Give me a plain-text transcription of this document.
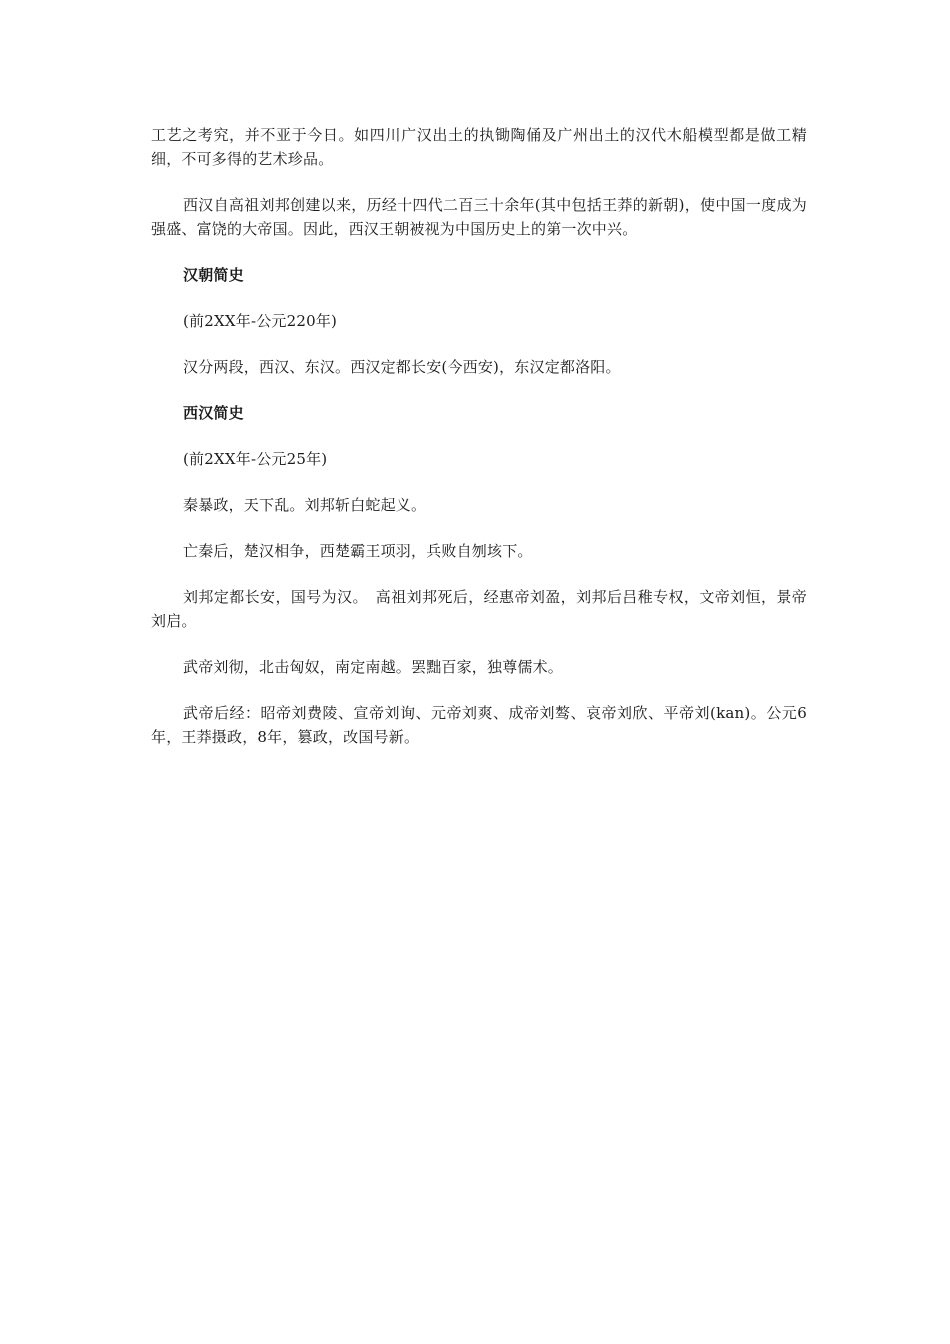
工艺之考究，并不亚于今日。如四川广汉出土的执锄陶俑及广州出土的汉代木船模型都是做工精细，不可多得的艺术珍品。

西汉自高祖刘邦创建以来，历经十四代二百三十余年(其中包括王莽的新朝)，使中国一度成为强盛、富饶的大帝国。因此，西汉王朝被视为中国历史上的第一次中兴。

汉朝简史

(前2XX年-公元220年)

汉分两段，西汉、东汉。西汉定都长安(今西安)，东汉定都洛阳。

西汉简史

(前2XX年-公元25年)

秦暴政，天下乱。刘邦斩白蛇起义。

亡秦后，楚汉相争，西楚霸王项羽，兵败自刎垓下。

刘邦定都长安，国号为汉。　高祖刘邦死后，经惠帝刘盈，刘邦后吕稚专权，文帝刘恒，景帝刘启。

武帝刘彻，北击匈奴，南定南越。罢黜百家，独尊儒术。

武帝后经：昭帝刘费陵、宣帝刘询、元帝刘爽、成帝刘骜、哀帝刘欣、平帝刘(kan)。公元6年，王莽摄政，8年，篡政，改国号新。
